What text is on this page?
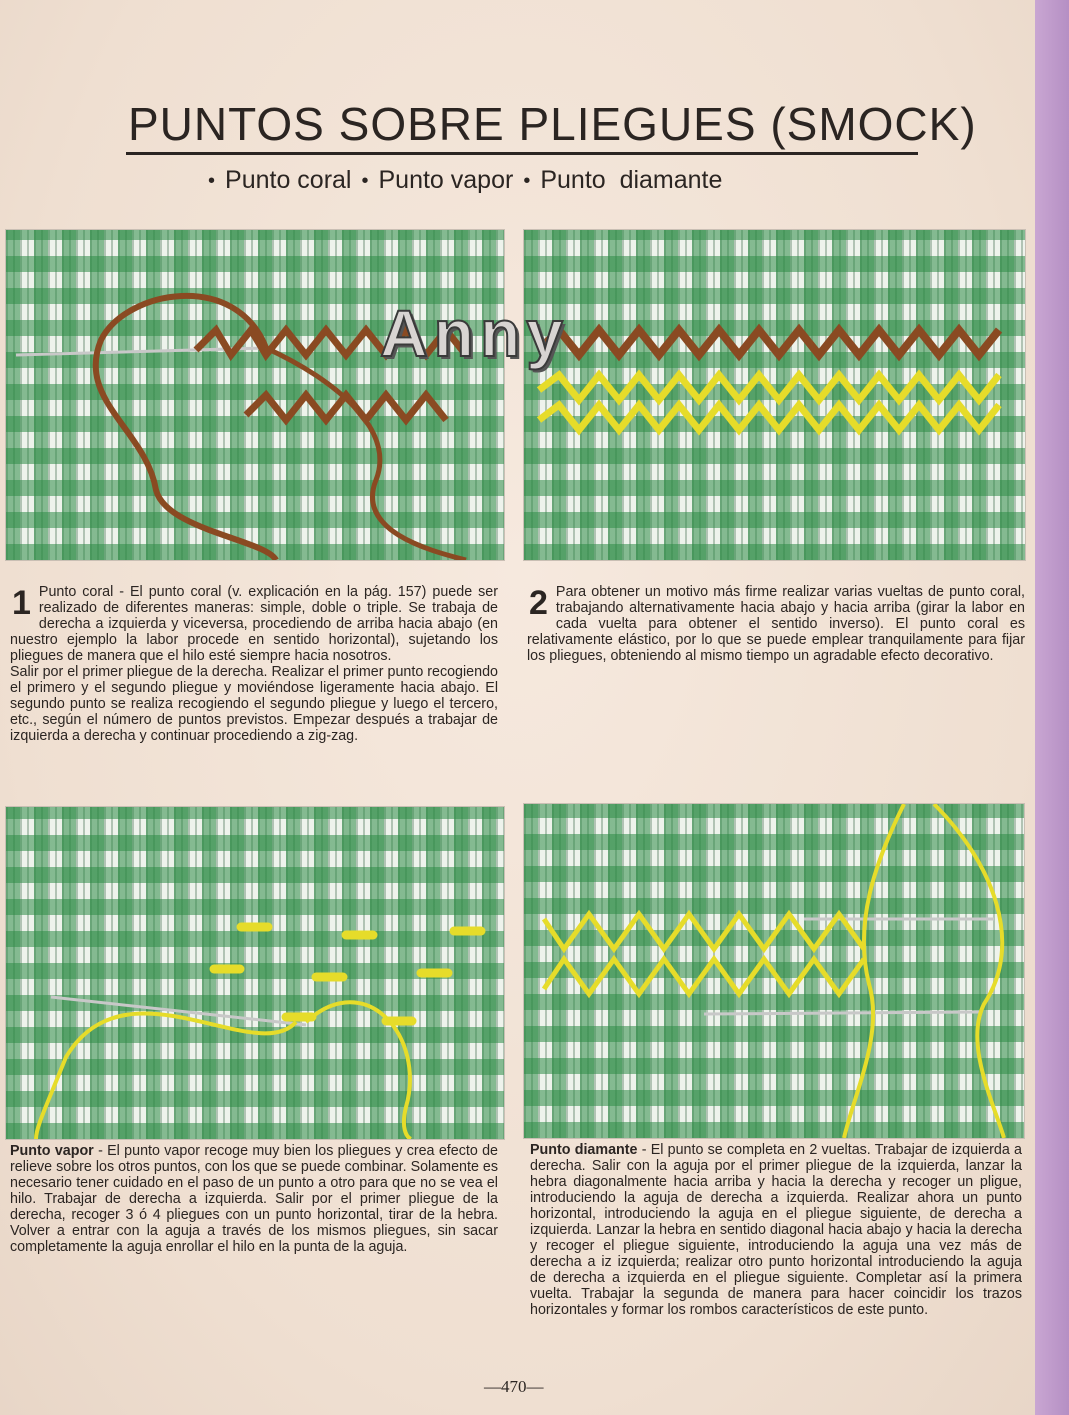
PUNTOS SOBRE PLIEGUES (SMOCK)
• Punto coral • Punto vapor • Punto  diamante
Anny
1 Punto coral - El punto coral (v. explicación en la pág. 157) puede ser realizado de diferentes maneras: simple, doble o triple. Se trabaja de derecha a izquierda y viceversa, procediendo de arriba hacia abajo (en nuestro ejemplo la labor procede en sentido horizontal), sujetando los pliegues de manera que el hilo esté siempre hacia nosotros.

Salir por el primer pliegue de la derecha. Realizar el primer punto recogiendo el primero y el segundo pliegue y moviéndose ligeramente hacia abajo. El segundo punto se realiza recogiendo el segundo pliegue y luego el tercero, etc., según el número de puntos previstos. Empezar después a trabajar de izquierda a derecha y continuar procediendo a zig-zag.

2 Para obtener un motivo más firme realizar varias vueltas de punto coral, trabajando alternativamente hacia abajo y hacia arriba (girar la labor en cada vuelta para obtener el sentido inverso). El punto coral es relativamente elástico, por lo que se puede emplear tranquilamente para fijar los pliegues, obteniendo al mismo tiempo un agradable efecto decorativo.

Punto vapor - El punto vapor recoge muy bien los pliegues y crea efecto de relieve sobre los otros puntos, con los que se puede combinar. Solamente es necesario tener cuidado en el paso de un punto a otro para que no se vea el hilo. Trabajar de derecha a izquierda. Salir por el primer pliegue de la derecha, recoger 3 ó 4 pliegues con un punto horizontal, tirar de la hebra. Volver a entrar con la aguja a través de los mismos pliegues, sin sacar completamente la aguja enrollar el hilo en la punta de la aguja.

Punto diamante - El punto se completa en 2 vueltas. Trabajar de izquierda a derecha. Salir con la aguja por el primer pliegue de la izquierda, lanzar la hebra diagonalmente hacia arriba y hacia la derecha y recoger un pligue, introduciendo la aguja de derecha a izquierda. Realizar ahora un punto horizontal, introduciendo la aguja en el pliegue siguiente, de derecha a izquierda. Lanzar la hebra en sentido diagonal hacia abajo y hacia la derecha y recoger el pliegue siguiente, introduciendo la aguja una vez más de derecha a iz izquierda; realizar otro punto horizontal introduciendo la aguja de derecha a izquierda en el pliegue siguiente. Completar así la primera vuelta. Trabajar la segunda de manera para hacer coincidir los trazos horizontales y formar los rombos característicos de este punto.

—470—
